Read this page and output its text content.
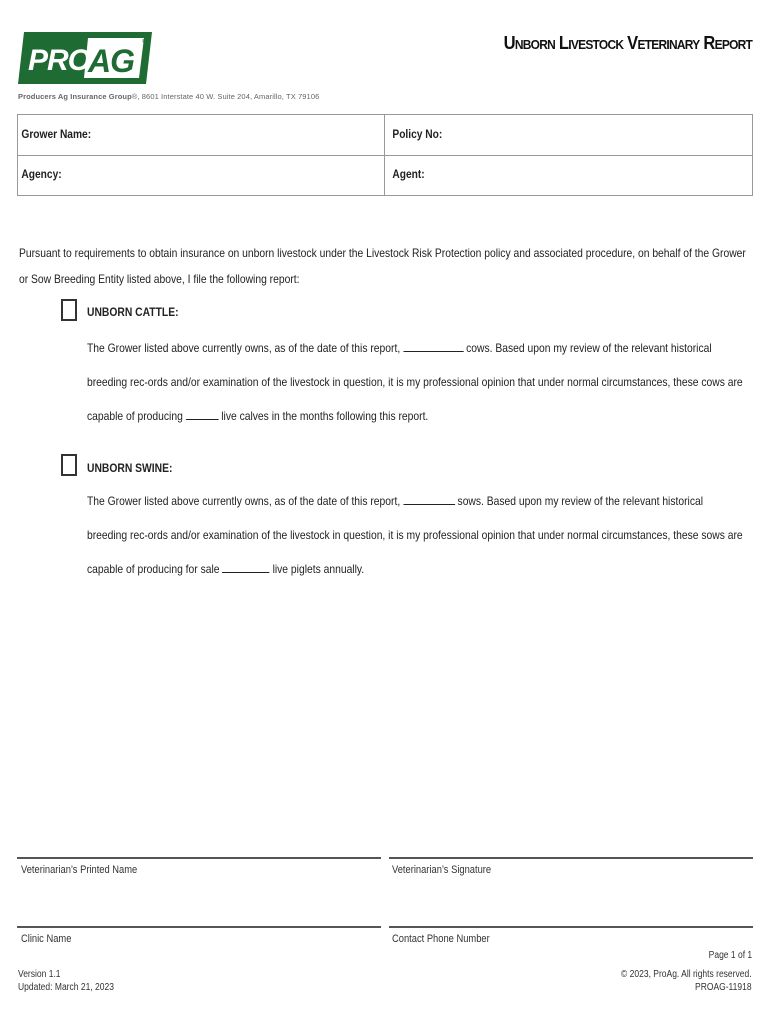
PRO
AG
®
Producers Ag Insurance Group®, 8601 Interstate 40 W. Suite 204, Amarillo, TX 79106
Unborn Livestock Veterinary Report
Grower Name:	Policy No:
Agency:	Agent:
Pursuant to requirements to obtain insurance on unborn livestock under the Livestock Risk Protection policy and associated procedure, on behalf of the Grower or Sow Breeding Entity listed above, I file the following report:
UNBORN CATTLE:
The Grower listed above currently owns, as of the date of this report,	cows. Based upon my review of the relevant historical breeding rec-ords and/or examination of the livestock in question, it is my professional opinion that under normal circumstances, these cows are capable of producing	live calves in the months following this report.
UNBORN SWINE:
The Grower listed above currently owns, as of the date of this report,	sows. Based upon my review of the relevant historical breeding rec-ords and/or examination of the livestock in question, it is my professional opinion that under normal circumstances, these sows are capable of producing for sale	live piglets annually.
Veterinarian’s Printed Name	Veterinarian’s Signature
Clinic Name	Contact Phone Number
Page 1 of 1
Version 1.1
Updated: March 21, 2023
© 2023, ProAg. All rights reserved.
PROAG-11918
